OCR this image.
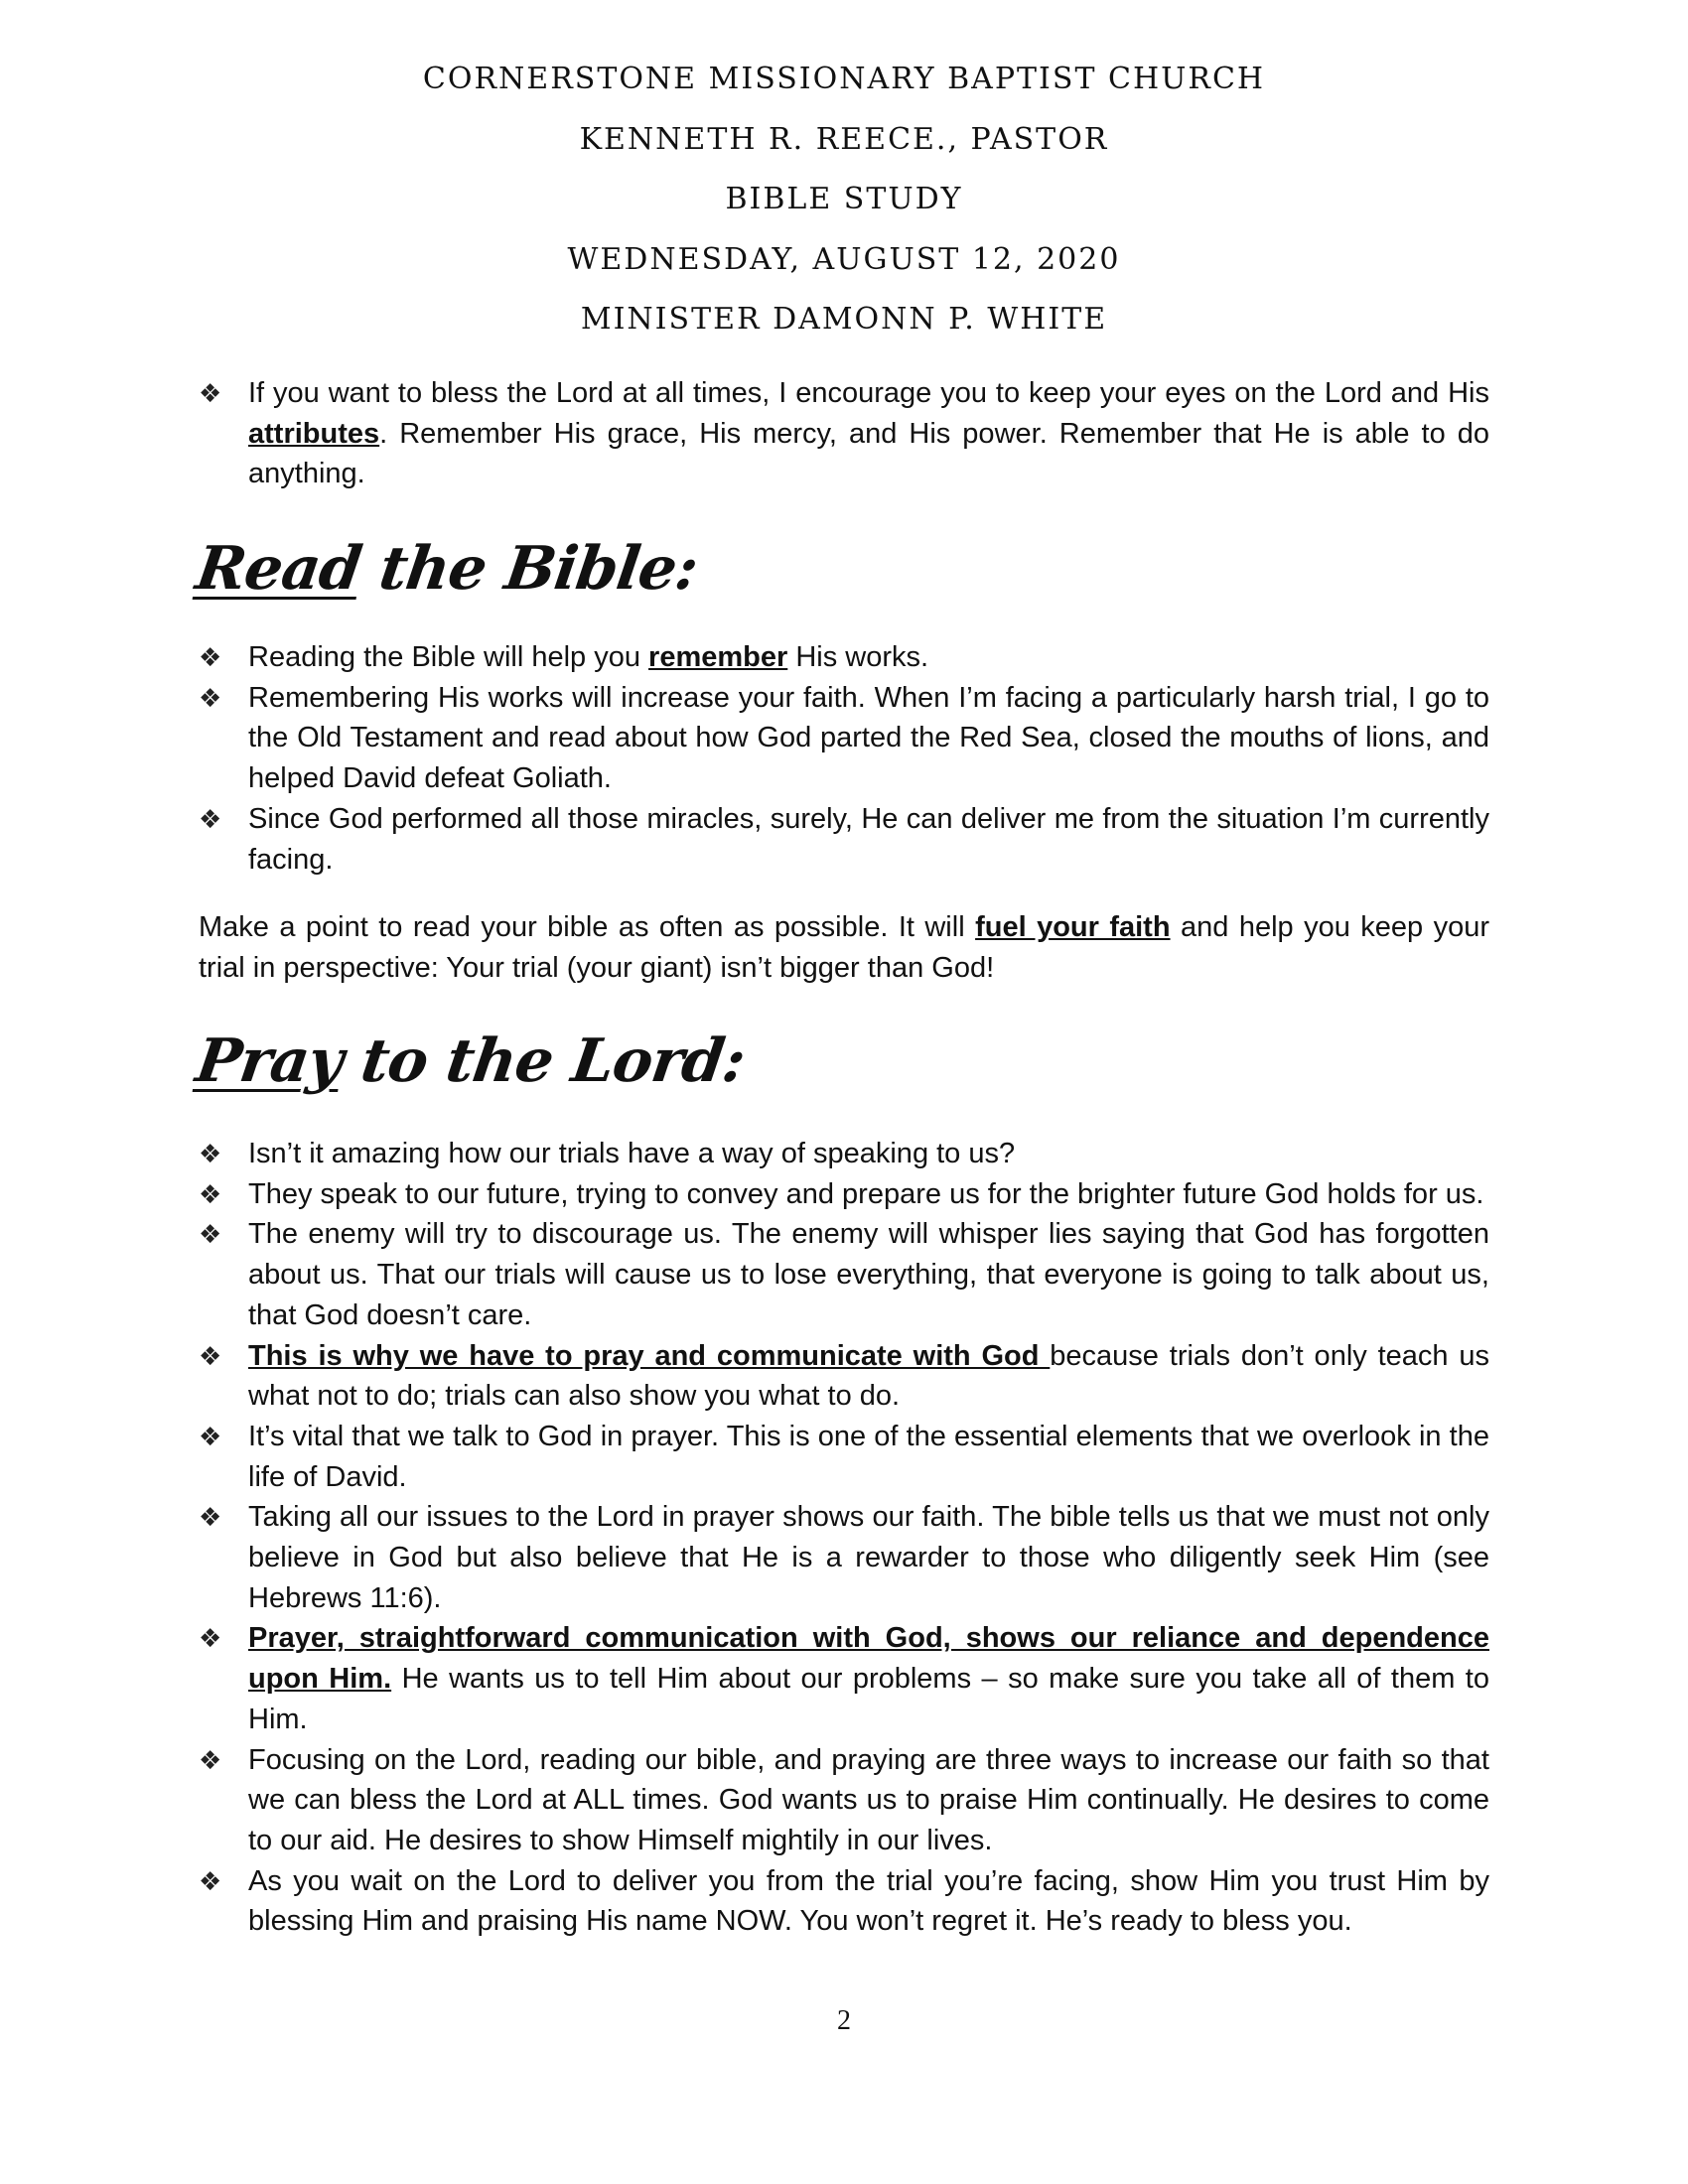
CORNERSTONE MISSIONARY BAPTIST CHURCH
KENNETH R. REECE., PASTOR
BIBLE STUDY
WEDNESDAY, AUGUST 12, 2020
MINISTER DAMONN P. WHITE
❖ If you want to bless the Lord at all times, I encourage you to keep your eyes on the Lord and His attributes. Remember His grace, His mercy, and His power. Remember that He is able to do anything.
Read the Bible:
❖ Reading the Bible will help you remember His works.
❖ Remembering His works will increase your faith. When I’m facing a particularly harsh trial, I go to the Old Testament and read about how God parted the Red Sea, closed the mouths of lions, and helped David defeat Goliath.
❖ Since God performed all those miracles, surely, He can deliver me from the situation I’m currently facing.

Make a point to read your bible as often as possible. It will fuel your faith and help you keep your trial in perspective: Your trial (your giant) isn’t bigger than God!

Pray to the Lord:
❖ Isn’t it amazing how our trials have a way of speaking to us?
❖ They speak to our future, trying to convey and prepare us for the brighter future God holds for us.
❖ The enemy will try to discourage us. The enemy will whisper lies saying that God has forgotten about us. That our trials will cause us to lose everything, that everyone is going to talk about us, that God doesn’t care.
❖ This is why we have to pray and communicate with God because trials don’t only teach us what not to do; trials can also show you what to do.
❖ It’s vital that we talk to God in prayer. This is one of the essential elements that we overlook in the life of David.
❖ Taking all our issues to the Lord in prayer shows our faith. The bible tells us that we must not only believe in God but also believe that He is a rewarder to those who diligently seek Him (see Hebrews 11:6).
❖ Prayer, straightforward communication with God, shows our reliance and dependence upon Him. He wants us to tell Him about our problems – so make sure you take all of them to Him.
❖ Focusing on the Lord, reading our bible, and praying are three ways to increase our faith so that we can bless the Lord at ALL times. God wants us to praise Him continually. He desires to come to our aid. He desires to show Himself mightily in our lives.
❖ As you wait on the Lord to deliver you from the trial you’re facing, show Him you trust Him by blessing Him and praising His name NOW. You won’t regret it. He’s ready to bless you.
2
